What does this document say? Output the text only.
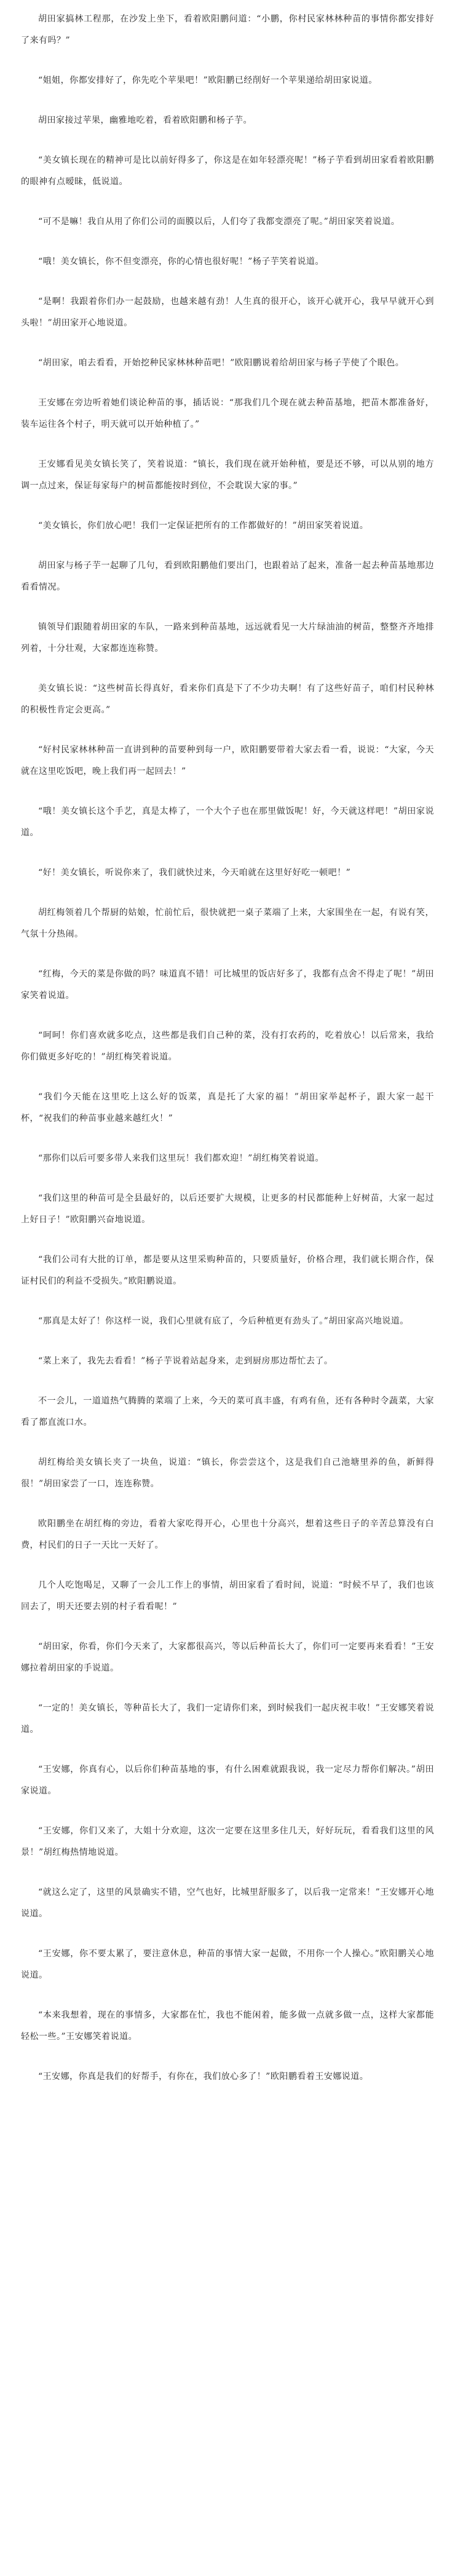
胡田家搞林工程那，在沙发上坐下，看着欧阳鹏问道：“小鹏，你村民家林林种苗的事情你都安排好了来有吗？”

“姐姐，你都安排好了，你先吃个苹果吧！”欧阳鹏已经削好一个苹果递给胡田家说道。

胡田家接过苹果，幽雅地吃着，看着欧阳鹏和杨子芋。

“美女镇长现在的精神可是比以前好得多了，你这是在如年轻漂亮呢！”杨子芋看到胡田家看着欧阳鹏的眼神有点暧昧，低说道。

“可不是嘛！我自从用了你们公司的面膜以后，人们夸了我都变漂亮了呢。”胡田家笑着说道。

“哦！美女镇长，你不但变漂亮，你的心情也很好呢！”杨子芋笑着说道。

“是啊！我跟着你们办一起鼓励，也越来越有劲！人生真的很开心，该开心就开心，我早早就开心到头啦！”胡田家开心地说道。

“胡田家，咱去看看，开始挖种民家林林种苗吧！”欧阳鹏说着给胡田家与杨子芋使了个眼色。

王安娜在旁边听着她们谈论种苗的事，插话说：“那我们几个现在就去种苗基地，把苗木都准备好，装车运往各个村子，明天就可以开始种植了。”

王安娜看见美女镇长笑了，笑着说道：“镇长，我们现在就开始种植，要是还不够，可以从别的地方调一点过来，保证每家每户的树苗都能按时到位，不会耽误大家的事。”

“美女镇长，你们放心吧！我们一定保证把所有的工作都做好的！”胡田家笑着说道。

胡田家与杨子芋一起聊了几句，看到欧阳鹏他们要出门，也跟着站了起来，准备一起去种苗基地那边看看情况。

镇领导们跟随着胡田家的车队，一路来到种苗基地，远远就看见一大片绿油油的树苗，整整齐齐地排列着，十分壮观，大家都连连称赞。

美女镇长说：“这些树苗长得真好，看来你们真是下了不少功夫啊！有了这些好苗子，咱们村民种林的积极性肯定会更高。”

“好村民家林林种苗一直讲到种的苗要种到每一户，欧阳鹏要带着大家去看一看，说说：“大家，今天就在这里吃饭吧，晚上我们再一起回去！”

“哦！美女镇长这个手艺，真是太棒了，一个大个子也在那里做饭呢！好，今天就这样吧！”胡田家说道。

“好！美女镇长，听说你来了，我们就快过来，今天咱就在这里好好吃一顿吧！”

胡红梅领着几个帮厨的姑娘，忙前忙后，很快就把一桌子菜端了上来，大家围坐在一起，有说有笑，气氛十分热闹。

“红梅，今天的菜是你做的吗？味道真不错！可比城里的饭店好多了，我都有点舍不得走了呢！”胡田家笑着说道。

“呵呵！你们喜欢就多吃点，这些都是我们自己种的菜，没有打农药的，吃着放心！以后常来，我给你们做更多好吃的！”胡红梅笑着说道。

“我们今天能在这里吃上这么好的饭菜，真是托了大家的福！”胡田家举起杯子，跟大家一起干杯，“祝我们的种苗事业越来越红火！”

“那你们以后可要多带人来我们这里玩！我们都欢迎！”胡红梅笑着说道。

“我们这里的种苗可是全县最好的，以后还要扩大规模，让更多的村民都能种上好树苗，大家一起过上好日子！”欧阳鹏兴奋地说道。

“我们公司有大批的订单，都是要从这里采购种苗的，只要质量好，价格合理，我们就长期合作，保证村民们的利益不受损失。”欧阳鹏说道。

“那真是太好了！你这样一说，我们心里就有底了，今后种植更有劲头了。”胡田家高兴地说道。

“菜上来了，我先去看看！”杨子芋说着站起身来，走到厨房那边帮忙去了。

不一会儿，一道道热气腾腾的菜端了上来，今天的菜可真丰盛，有鸡有鱼，还有各种时令蔬菜，大家看了都直流口水。

胡红梅给美女镇长夹了一块鱼，说道：“镇长，你尝尝这个，这是我们自己池塘里养的鱼，新鲜得很！”胡田家尝了一口，连连称赞。

欧阳鹏坐在胡红梅的旁边，看着大家吃得开心，心里也十分高兴，想着这些日子的辛苦总算没有白费，村民们的日子一天比一天好了。

几个人吃饱喝足，又聊了一会儿工作上的事情，胡田家看了看时间，说道：“时候不早了，我们也该回去了，明天还要去别的村子看看呢！”

“胡田家，你看，你们今天来了，大家都很高兴，等以后种苗长大了，你们可一定要再来看看！”王安娜拉着胡田家的手说道。

“一定的！美女镇长，等种苗长大了，我们一定请你们来，到时候我们一起庆祝丰收！”王安娜笑着说道。

“王安娜，你真有心，以后你们种苗基地的事，有什么困难就跟我说，我一定尽力帮你们解决。”胡田家说道。

“王安娜，你们又来了，大姐十分欢迎，这次一定要在这里多住几天，好好玩玩，看看我们这里的风景！”胡红梅热情地说道。

“就这么定了，这里的风景确实不错，空气也好，比城里舒服多了，以后我一定常来！”王安娜开心地说道。

“王安娜，你不要太累了，要注意休息，种苗的事情大家一起做，不用你一个人操心。”欧阳鹏关心地说道。

“本来我想着，现在的事情多，大家都在忙，我也不能闲着，能多做一点就多做一点，这样大家都能轻松一些。”王安娜笑着说道。

“王安娜，你真是我们的好帮手，有你在，我们放心多了！”欧阳鹏看着王安娜说道。
